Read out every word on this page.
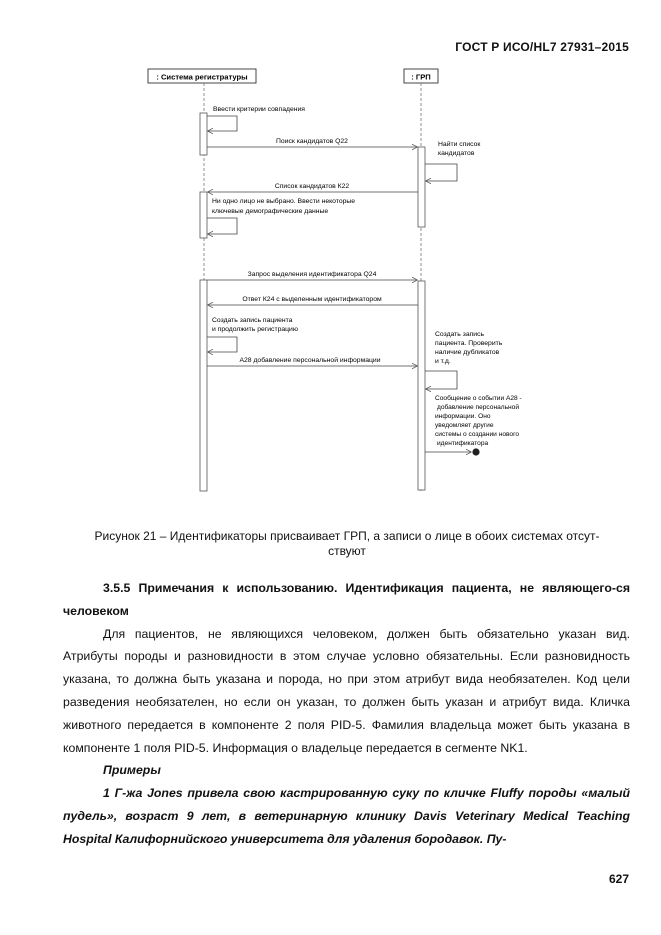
ГОСТ Р ИСО/HL7 27931–2015
: Система регистратуры	: ГРП
Ввести критерии совпадения
Поиск кандидатов Q22	Найти список
кандидатов
Список кандидатов К22
Ни одно лицо не выбрано. Ввести некоторые
ключевые демографические данные
Запрос выделения идентификатора Q24
Ответ К24 с выделенным идентификатором
Создать запись пациента
и продолжить регистрацию
Создать запись
пациента. Проверить
наличие дубликатов
и т.д.
А28 добавление персональной информации
Сообщение о событии А28 -
добавление персональной
информации. Оно
уведомляет другие
системы о создании нового
идентификатора
Рисунок 21 – Идентификаторы присваивает ГРП, а записи о лице в обоих системах отсут-
ствуют

3.5.5 Примечания к использованию. Идентификация пациента, не являющего-ся человеком

Для пациентов, не являющихся человеком, должен быть обязательно указан вид. Атрибуты породы и разновидности в этом случае условно обязательны. Если разновидность указана, то должна быть указана и порода, но при этом атрибут вида необязателен. Код цели разведения необязателен, но если он указан, то должен быть указан и атрибут вида. Кличка животного передается в компоненте 2 поля PID-5. Фамилия владельца может быть указана в компоненте 1 поля PID-5. Информация о владельце передается в сегменте NK1.

Примеры

1 Г-жа Jones привела свою кастрированную суку по кличке Fluffy породы «малый пудель», возраст 9 лет, в ветеринарную клинику Davis Veterinary Medical Teaching Hospital Калифорнийского университета для удаления бородавок. Пу-

627
